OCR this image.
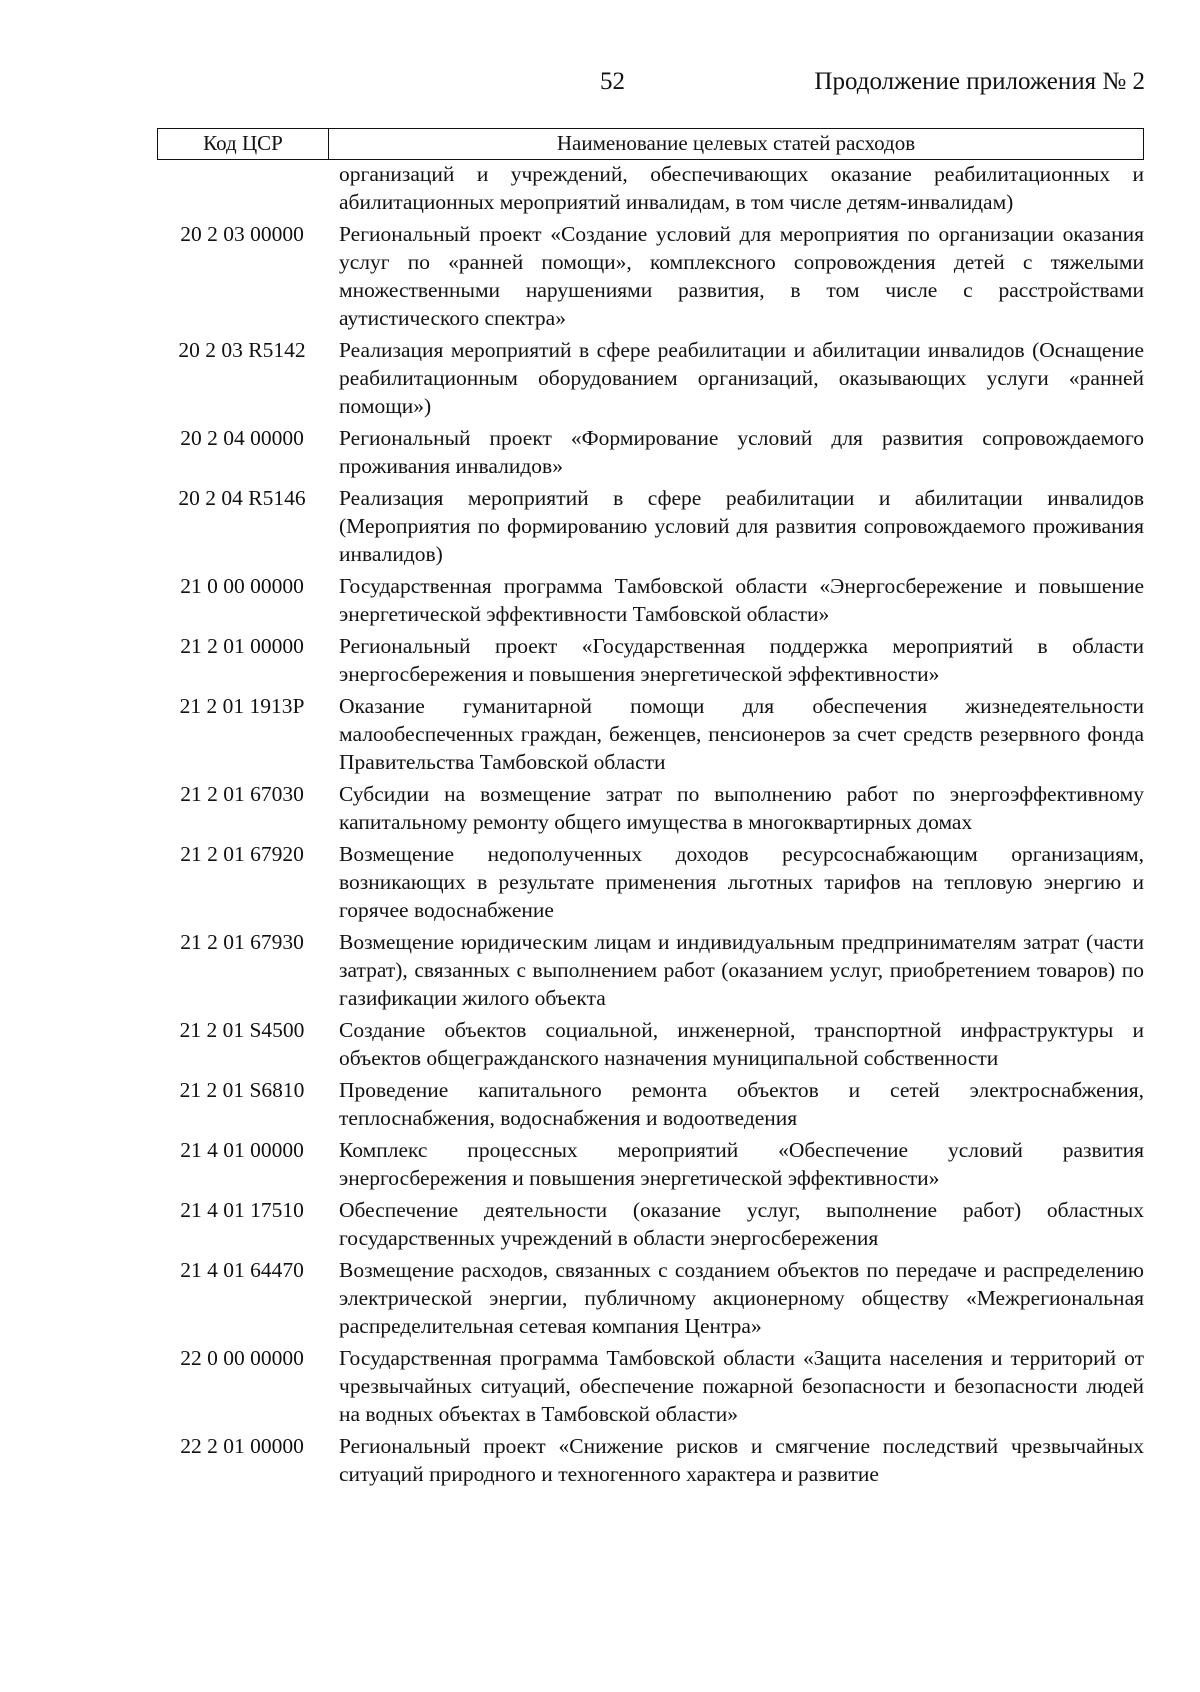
52	Продолжение приложения № 2
Код ЦСР	Наименование целевых статей расходов
организаций и учреждений, обеспечивающих оказание реабилитационных и абилитационных мероприятий инвалидам, в том числе детям-инвалидам)
20 2 03 00000	Региональный проект «Создание условий для мероприятия по организации оказания услуг по «ранней помощи», комплексного сопровождения детей с тяжелыми множественными нарушениями развития, в том числе с расстройствами аутистического спектра»
20 2 03 R5142	Реализация мероприятий в сфере реабилитации и абилитации инвалидов (Оснащение реабилитационным оборудованием организаций, оказывающих услуги «ранней помощи»)
20 2 04 00000	Региональный проект «Формирование условий для развития сопровождаемого проживания инвалидов»
20 2 04 R5146	Реализация мероприятий в сфере реабилитации и абилитации инвалидов (Мероприятия по формированию условий для развития сопровождаемого проживания инвалидов)
21 0 00 00000	Государственная программа Тамбовской области «Энергосбережение и повышение энергетической эффективности Тамбовской области»
21 2 01 00000	Региональный проект «Государственная поддержка мероприятий в области энергосбережения и повышения энергетической эффективности»
21 2 01 1913P	Оказание гуманитарной помощи для обеспечения жизнедеятельности малообеспеченных граждан, беженцев, пенсионеров за счет средств резервного фонда Правительства Тамбовской области
21 2 01 67030	Субсидии на возмещение затрат по выполнению работ по энергоэффективному капитальному ремонту общего имущества в многоквартирных домах
21 2 01 67920	Возмещение недополученных доходов ресурсоснабжающим организациям, возникающих в результате применения льготных тарифов на тепловую энергию и горячее водоснабжение
21 2 01 67930	Возмещение юридическим лицам и индивидуальным предпринимателям затрат (части затрат), связанных с выполнением работ (оказанием услуг, приобретением товаров) по газификации жилого объекта
21 2 01 S4500	Создание объектов социальной, инженерной, транспортной инфраструктуры и объектов общегражданского назначения муниципальной собственности
21 2 01 S6810	Проведение капитального ремонта объектов и сетей электроснабжения, теплоснабжения, водоснабжения и водоотведения
21 4 01 00000	Комплекс процессных мероприятий «Обеспечение условий развития энергосбережения и повышения энергетической эффективности»
21 4 01 17510	Обеспечение деятельности (оказание услуг, выполнение работ) областных государственных учреждений в области энергосбережения
21 4 01 64470	Возмещение расходов, связанных с созданием объектов по передаче и распределению электрической энергии, публичному акционерному обществу «Межрегиональная распределительная сетевая компания Центра»
22 0 00 00000	Государственная программа Тамбовской области «Защита населения и территорий от чрезвычайных ситуаций, обеспечение пожарной безопасности и безопасности людей на водных объектах в Тамбовской области»
22 2 01 00000	Региональный проект «Снижение рисков и смягчение последствий чрезвычайных ситуаций природного и техногенного характера и развитие
